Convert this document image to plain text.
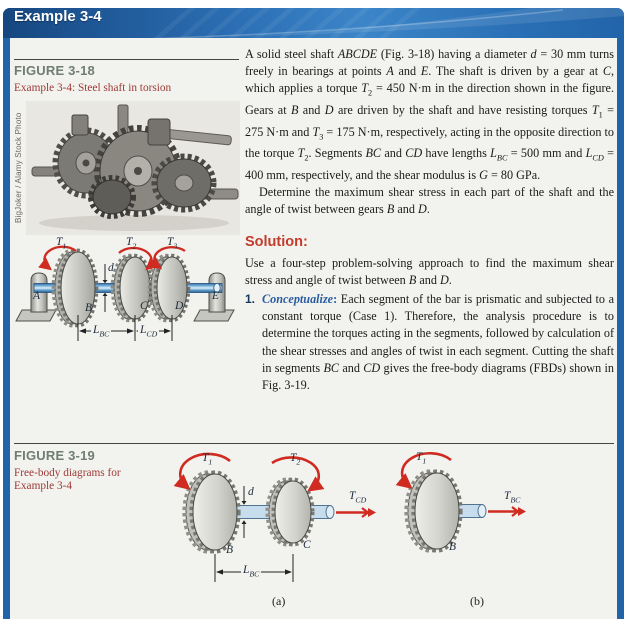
Example 3-4
FIGURE 3-18
Example 3-4: Steel shaft in torsion
BigJoker / Alamy Stock Photo
$T_1$	$T_2$	$T_3$
d
A
B	C D
E
$L_{BC}$	$L_{CD}$

A solid steel shaft ABCDE (Fig. 3-18) having a diameter d = 30 mm turns freely in bearings at points A and E. The shaft is driven by a gear at C, which applies a torque $T_2 = 450$ N·m in the direction shown in the figure. Gears at B and D are driven by the shaft and have resisting torques $T_1 = 275$ N·m and $T_3 = 175$ N·m, respectively, acting in the opposite direction to the torque $T_2$. Segments BC and CD have lengths $L_{BC} = 500$ mm and $L_{CD} = 400$ mm, respectively, and the shear modulus is G = 80 GPa.

Determine the maximum shear stress in each part of the shaft and the angle of twist between gears B and D.

Solution:

Use a four-step problem-solving approach to find the maximum shear stress and angle of twist between B and D.

1. Conceptualize: Each segment of the bar is prismatic and subjected to a constant torque (Case 1). Therefore, the analysis procedure is to determine the torques acting in the segments, followed by calculation of the shear stresses and angles of twist in each segment. Cutting the shaft in segments BC and CD gives the free-body diagrams (FBDs) shown in Fig. 3-19.

FIGURE 3-19
Free-body diagrams for Example 3-4
$T_1$	$T_2$
d
B	C
$T_{CD}$
$L_{BC}$
(a)
$T_1$
B
$T_{BC}$
(b)
